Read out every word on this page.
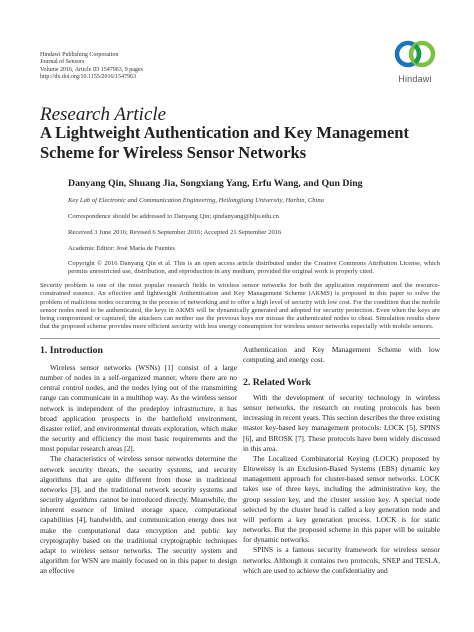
Hindawi Publishing Corporation
Journal of Sensors
Volume 2016, Article ID 1547963, 9 pages
http://dx.doi.org/10.1155/2016/1547963	Hindawi
Research Article
A Lightweight Authentication and Key Management Scheme for Wireless Sensor Networks
Danyang Qin, Shuang Jia, Songxiang Yang, Erfu Wang, and Qun Ding
Key Lab of Electronic and Communication Engineering, Heilongjiang University, Harbin, China
Correspondence should be addressed to Danyang Qin; qindanyang@hlju.edu.cn
Received 3 June 2016; Revised 6 September 2016; Accepted 21 September 2016
Academic Editor: José María de Fuentes
Copyright © 2016 Danyang Qin et al. This is an open access article distributed under the Creative Commons Attribution License, which permits unrestricted use, distribution, and reproduction in any medium, provided the original work is properly cited.
Security problem is one of the most popular research fields in wireless sensor networks for both the application requirement and the resource-constrained essence. An effective and lightweight Authentication and Key Management Scheme (AKMS) is proposed in this paper to solve the problem of malicious nodes occurring in the process of networking and to offer a high level of security with low cost. For the condition that the mobile sensor nodes need to be authenticated, the keys in AKMS will be dynamically generated and adopted for security protection. Even when the keys are being compromised or captured, the attackers can neither use the previous keys nor misuse the authenticated nodes to cheat. Simulation results show that the proposed scheme provides more efficient security with less energy consumption for wireless sensor networks especially with mobile sensors.
1. Introduction

Wireless sensor networks (WSNs) [1] consist of a large number of nodes in a self-organized manner, where there are no central control nodes, and the nodes lying out of the transmitting range can communicate in a multihop way. As the wireless sensor network is independent of the predeploy infrastructure, it has broad application prospects in the battlefield environment, disaster relief, and environmental threats exploration, which make the security and efficiency the most basic requirements and the most popular research areas [2].

The characteristics of wireless sensor networks determine the network security threats, the security systems, and security algorithms that are quite different from those in traditional networks [3], and the traditional network security systems and security algorithms cannot be introduced directly. Meanwhile, the inherent essence of limited storage space, computational capabilities [4], bandwidth, and communication energy does not make the computational data encryption and public key cryptography based on the traditional cryptographic techniques adapt to wireless sensor networks. The security system and algorithm for WSN are mainly focused on in this paper to design an effective

Authentication and Key Management Scheme with low computing and energy cost.

2. Related Work

With the development of security technology in wireless sensor networks, the research on routing protocols has been increasing in recent years. This section describes the three existing master key-based key management protocols: LOCK [5], SPINS [6], and BROSK [7]. These protocols have been widely discussed in this area.

The Localized Combinatorial Keying (LOCK) proposed by Eltoweissy is an Exclusion-Based Systems (EBS) dynamic key management approach for cluster-based sensor networks. LOCK takes use of three keys, including the administrative key, the group session key, and the cluster session key. A special node selected by the cluster head is called a key generation node and will perform a key generation process. LOCK is for static networks. But the proposed scheme in this paper will be suitable for dynamic networks.

SPINS is a famous security framework for wireless sensor networks. Although it contains two protocols, SNEP and TESLA, which are used to achieve the confidentiality and
